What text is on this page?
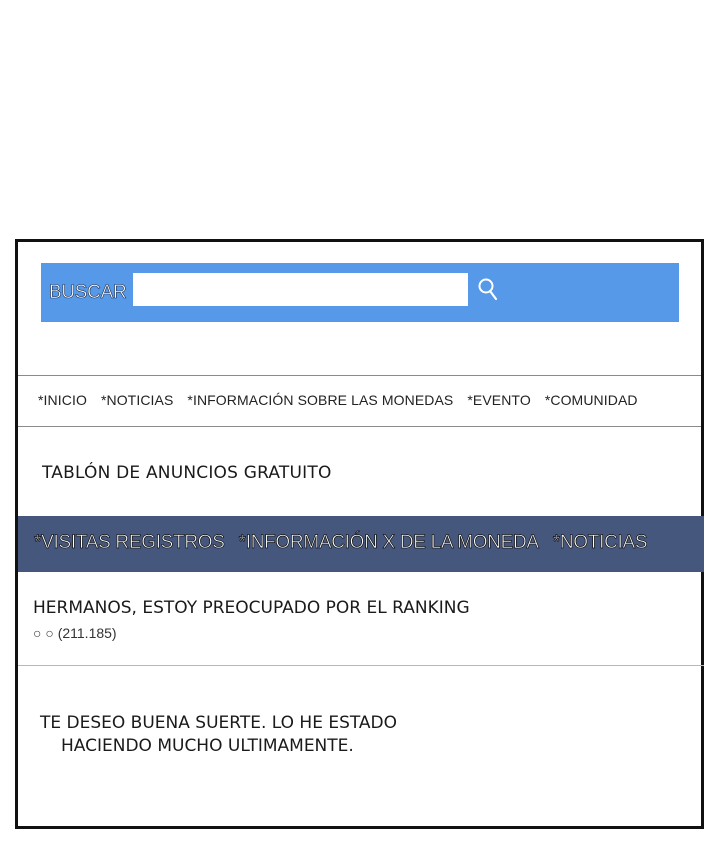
BUSCAR
*INICIO *NOTICIAS *INFORMACIÓN SOBRE LAS MONEDAS *EVENTO *COMUNIDAD
TABLÓN DE ANUNCIOS GRATUITO
*VISITAS REGISTROS *INFORMACIÓN X DE LA MONEDA *NOTICIAS
HERMANOS, ESTOY PREOCUPADO POR EL RANKING
○ ○ (211.185)
TE DESEO BUENA SUERTE. LO HE ESTADO
HACIENDO MUCHO ULTIMAMENTE.
